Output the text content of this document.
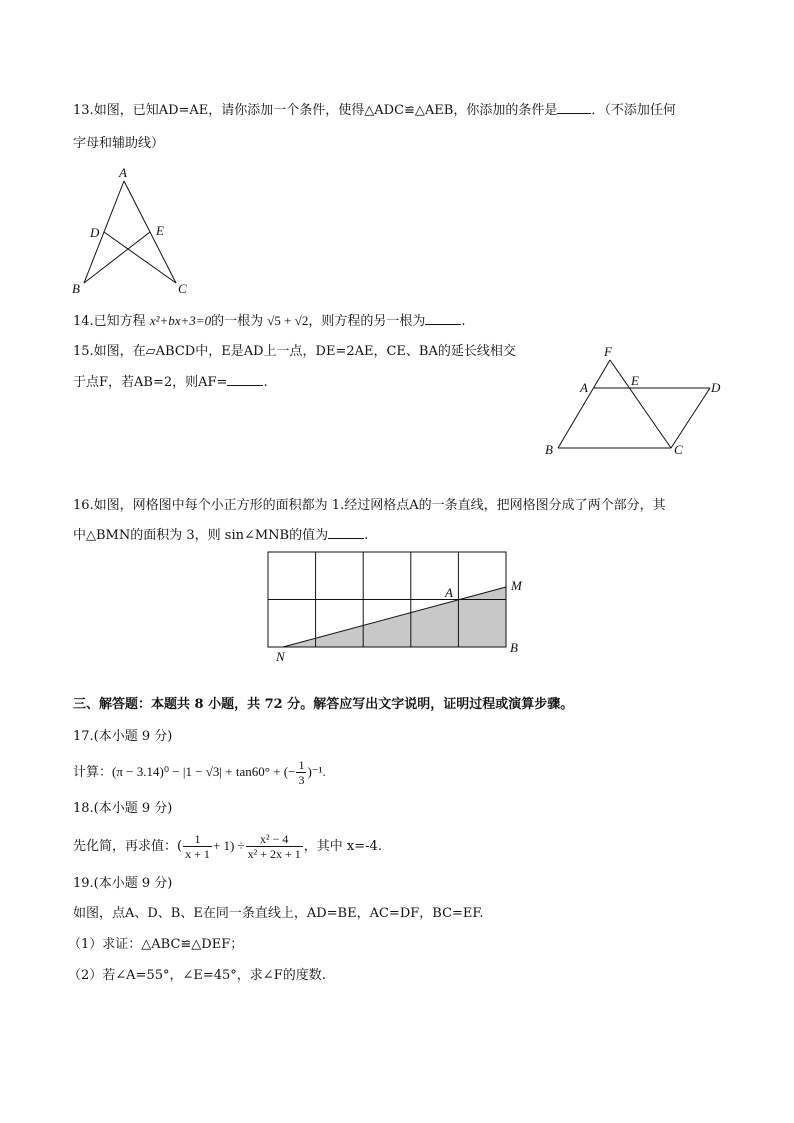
13.如图，已知AD=AE，请你添加一个条件，使得△ADC≌△AEB，你添加的条件是	．（不添加任何
字母和辅助线）
A
B	C
D	E
14.已知方程 x²+bx+3=0的一根为 √5 + √2，则方程的另一根为	.
15.如图，在▱ABCD中，E是AD上一点，DE=2AE，CE、BA的延长线相交
于点F，若AB=2，则AF=	.
F
A	E	D
B	C
16.如图，网格图中每个小正方形的面积都为 1.经过网格点A的一条直线，把网格图分成了两个部分，其
中△BMN的面积为 3，则 sin∠MNB的值为	.
A	M
N
B
三、解答题：本题共 8 小题，共 72 分。解答应写出文字说明，证明过程或演算步骤。
17.(本小题 9 分)
计算：(π − 3.14)⁰ − |1 − √3| + tan60° + (− $\frac{1}{3} )^{-1}$.
18.(本小题 9 分)
先化简，再求值：( $\frac{1}{x + 1} + 1) \div \frac{\text{x² − 4}}{\text{x² + 2x + 1}}$ ，其中 x=-4.
19.(本小题 9 分)
如图，点A、D、B、E在同一条直线上，AD=BE，AC=DF，BC=EF.
（1）求证：△ABC≌△DEF；
（2）若∠A=55°，∠E=45°，求∠F的度数.
